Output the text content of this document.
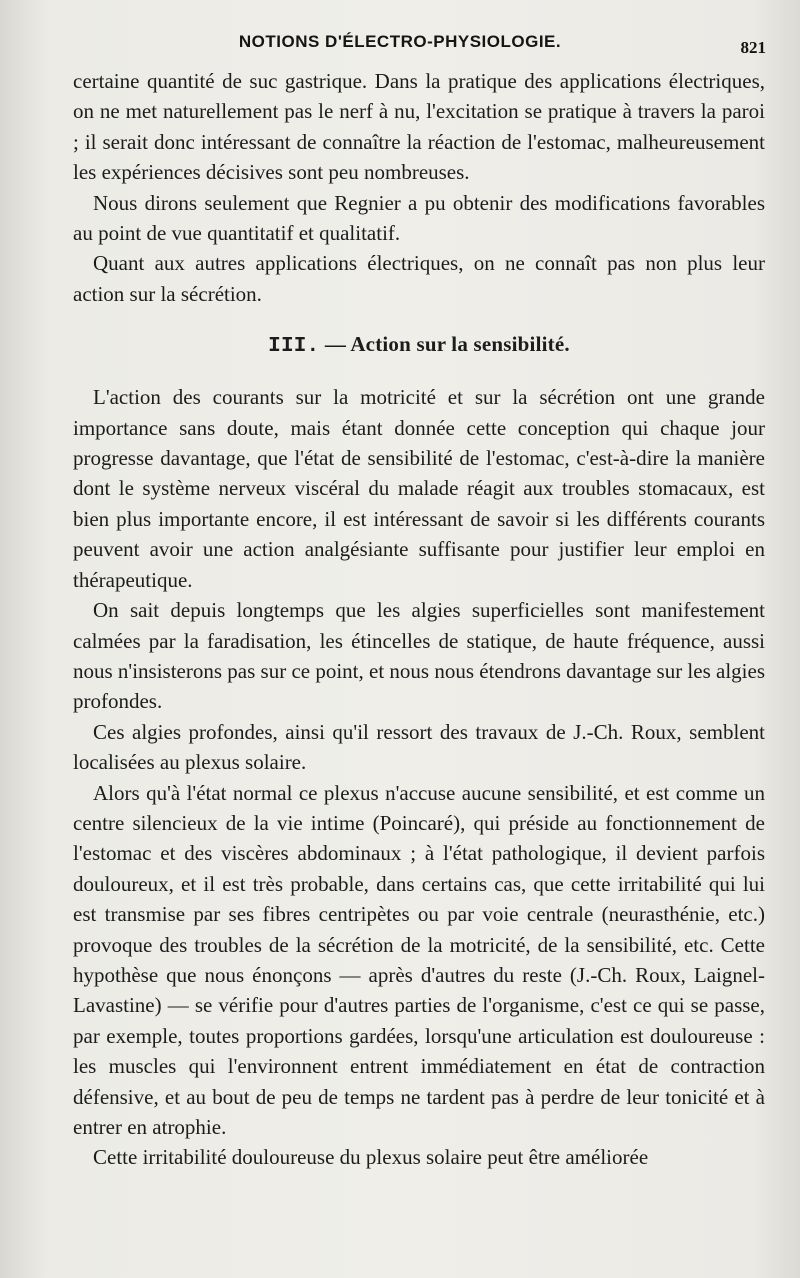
NOTIONS D'ÉLECTRO-PHYSIOLOGIE.	821

certaine quantité de suc gastrique. Dans la pratique des applications électriques, on ne met naturellement pas le nerf à nu, l'excitation se pratique à travers la paroi ; il serait donc intéressant de connaître la réaction de l'estomac, malheureusement les expériences décisives sont peu nombreuses.

Nous dirons seulement que Regnier a pu obtenir des modifications favorables au point de vue quantitatif et qualitatif.

Quant aux autres applications électriques, on ne connaît pas non plus leur action sur la sécrétion.

III. — Action sur la sensibilité.

L'action des courants sur la motricité et sur la sécrétion ont une grande importance sans doute, mais étant donnée cette conception qui chaque jour progresse davantage, que l'état de sensibilité de l'estomac, c'est-à-dire la manière dont le système nerveux viscéral du malade réagit aux troubles stomacaux, est bien plus importante encore, il est intéressant de savoir si les différents courants peuvent avoir une action analgésiante suffisante pour justifier leur emploi en thérapeutique.

On sait depuis longtemps que les algies superficielles sont manifestement calmées par la faradisation, les étincelles de statique, de haute fréquence, aussi nous n'insisterons pas sur ce point, et nous nous étendrons davantage sur les algies profondes.

Ces algies profondes, ainsi qu'il ressort des travaux de J.-Ch. Roux, semblent localisées au plexus solaire.

Alors qu'à l'état normal ce plexus n'accuse aucune sensibilité, et est comme un centre silencieux de la vie intime (Poincaré), qui préside au fonctionnement de l'estomac et des viscères abdominaux ; à l'état pathologique, il devient parfois douloureux, et il est très probable, dans certains cas, que cette irritabilité qui lui est transmise par ses fibres centripètes ou par voie centrale (neurasthénie, etc.) provoque des troubles de la sécrétion de la motricité, de la sensibilité, etc. Cette hypothèse que nous énonçons — après d'autres du reste (J.-Ch. Roux, Laignel-Lavastine) — se vérifie pour d'autres parties de l'organisme, c'est ce qui se passe, par exemple, toutes proportions gardées, lorsqu'une articulation est douloureuse : les muscles qui l'environnent entrent immédiatement en état de contraction défensive, et au bout de peu de temps ne tardent pas à perdre de leur tonicité et à entrer en atrophie.

Cette irritabilité douloureuse du plexus solaire peut être améliorée
